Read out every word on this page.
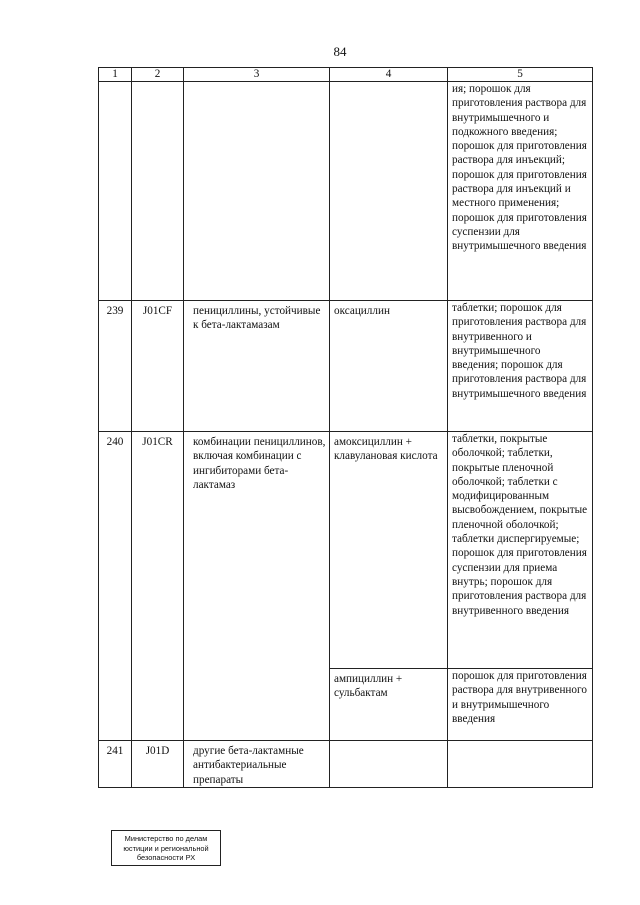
84
1	2	3	4	5
				ия; порошок для приготовления раствора для внутримышечного и подкожного введения; порошок для приготовления раствора для инъекций; порошок для приготовления раствора для инъекций и местного применения; порошок для приготовления суспензии для внутримышечного введения
239	J01CF	пенициллины, устойчивые к бета-лактамазам	оксациллин	таблетки; порошок для приготовления раствора для внутривенного и внутримышечного введения; порошок для приготовления раствора для внутримышечного введения
240	J01CR	комбинации пенициллинов, включая комбинации с ингибиторами бета-лактамаз	амоксициллин + клавулановая кислота	таблетки, покрытые оболочкой; таблетки, покрытые пленочной оболочкой; таблетки с модифицированным высвобождением, покрытые пленочной оболочкой; таблетки диспергируемые; порошок для приготовления суспензии для приема внутрь; порошок для приготовления раствора для внутривенного введения
			ампициллин + сульбактам	порошок для приготовления раствора для внутривенного и внутримышечного введения
241	J01D	другие бета-лактамные антибактериальные препараты		
Министерство по делам
юстиции и региональной
безопасности РХ
